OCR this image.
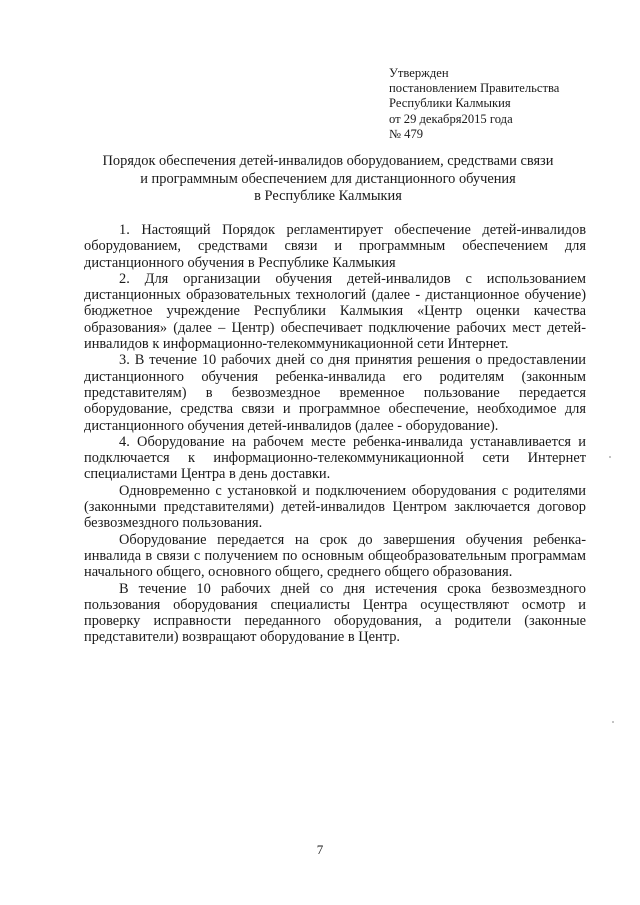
Утвержден
постановлением Правительства
Республики Калмыкия
от 29 декабря2015 года
№ 479
Порядок обеспечения детей-инвалидов оборудованием, средствами связи
и программным обеспечением для дистанционного обучения
в Республике Калмыкия

1. Настоящий Порядок регламентирует обеспечение детей-инвалидов оборудованием, средствами связи и программным обеспечением для дистанционного обучения в Республике Калмыкия

2. Для организации обучения детей-инвалидов с использованием дистанционных образовательных технологий (далее - дистанционное обучение) бюджетное учреждение Республики Калмыкия «Центр оценки качества образования» (далее – Центр) обеспечивает подключение рабочих мест детей-инвалидов к информационно-телекоммуникационной сети Интернет.

3. В течение 10 рабочих дней со дня принятия решения о предоставлении дистанционного обучения ребенка-инвалида его родителям (законным представителям) в безвозмездное временное пользование передается оборудование, средства связи и программное обеспечение, необходимое для дистанционного обучения детей-инвалидов (далее - оборудование).

4. Оборудование на рабочем месте ребенка-инвалида устанавливается и подключается к информационно-телекоммуникационной сети Интернет специалистами Центра в день доставки.

Одновременно с установкой и подключением оборудования с родителями (законными представителями) детей-инвалидов Центром заключается договор безвозмездного пользования.

Оборудование передается на срок до завершения обучения ребенка-инвалида в связи с получением по основным общеобразовательным программам начального общего, основного общего, среднего общего образования.

В течение 10 рабочих дней со дня истечения срока безвозмездного пользования оборудования специалисты Центра осуществляют осмотр и проверку исправности переданного оборудования, а родители (законные представители) возвращают оборудование в Центр.

7
